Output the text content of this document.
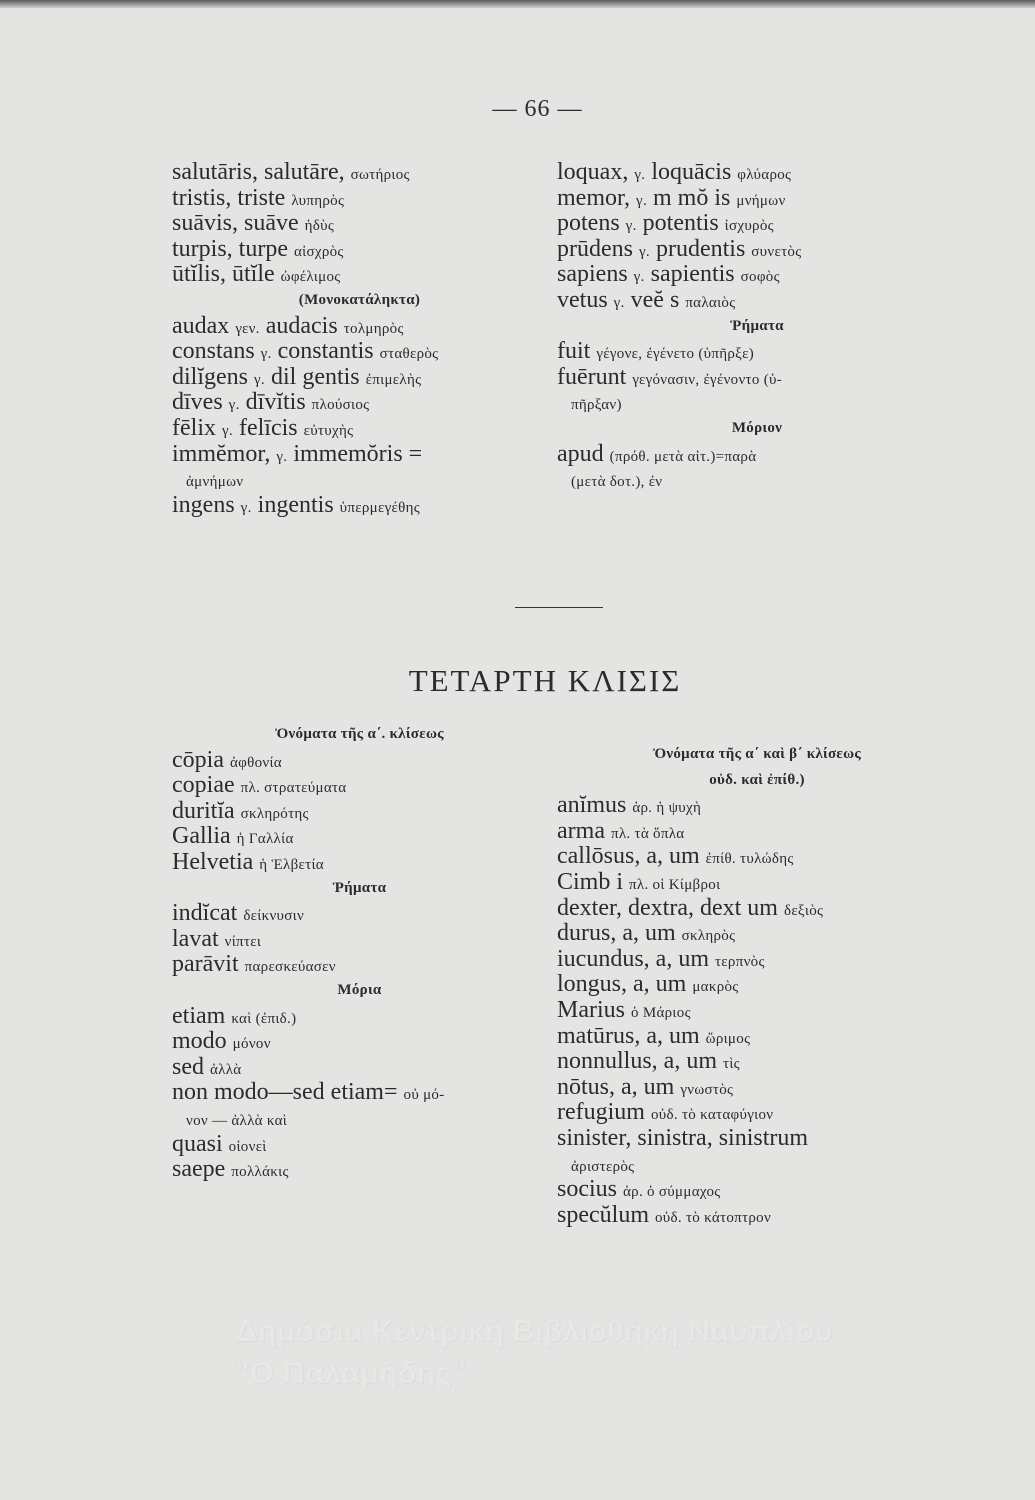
— 66 —
salutāris, salutāre, σωτήριος
tristis, triste λυπηρὸς
suāvis, suāve ἡδὺς
turpis, turpe αἰσχρὸς
ūtĭlis, ūtĭle ὠφέλιμος
(Μονοκατάληκτα)
audax γεν. audacis τολμηρὸς
constans γ. constantis σταθερὸς
dilĭgens γ. dil gentis ἐπιμελὴς
dīves γ. dīvĭtis πλούσιος
fēlix γ. felīcis εὐτυχὴς
immĕmor, γ. immemŏris =
ἀμνήμων
ingens γ. ingentis ὑπερμεγέθης
loquax, γ. loquācis φλύαρος
memor, γ. m mŏ is μνήμων
potens γ. potentis ἰσχυρὸς
prūdens γ. prudentis συνετὸς
sapiens γ. sapientis σοφὸς
vetus γ. veĕ s παλαιὸς
Ῥήματα
fuit γέγονε, ἐγένετο (ὑπῆρξε)
fuērunt γεγόνασιν, ἐγένοντο (ὑ-
πῆρξαν)
Μόριον
apud (πρόθ. μετὰ αἰτ.)=παρὰ
(μετὰ δοτ.), ἐν
ΤΕΤΑΡΤΗ ΚΛΙΣΙΣ
Ὀνόματα τῆς α΄. κλίσεως
cōpia ἀφθονία
copiae πλ. στρατεύματα
duritĭa σκληρότης
Gallia ἡ Γαλλία
Helvetia ἡ Ἑλβετία
Ῥήματα
indĭcat δείκνυσιν
lavat νίπτει
parāvit παρεσκεύασεν
Μόρια
etiam καὶ (ἐπιδ.)
modo μόνον
sed ἀλλὰ
non modo—sed etiam= οὐ μό-
νον — ἀλλὰ καὶ
quasi οἱονεὶ
saepe πολλάκις
Ὀνόματα τῆς α΄ καὶ β΄ κλίσεως
οὐδ. καὶ ἐπίθ.)
anĭmus ἀρ. ἡ ψυχὴ
arma πλ. τὰ ὅπλα
callōsus, a, um ἐπίθ. τυλώδης
Cimb i πλ. οἱ Κίμβροι
dexter, dextra, dext um δεξιὸς
durus, a, um σκληρὸς
iucundus, a, um τερπνὸς
longus, a, um μακρὸς
Marius ὁ Μάριος
matūrus, a, um ὥριμος
nonnullus, a, um τὶς
nōtus, a, um γνωστὸς
refugium οὐδ. τὸ καταφύγιον
sinister, sinistra, sinistrum
ἀριστερὸς
socius ἀρ. ὁ σύμμαχος
specŭlum οὐδ. τὸ κάτοπτρον
Δημόσια Κεντρική Βιβλιοθήκη Ναυπλίου
"Ο Παλαμήδης"
